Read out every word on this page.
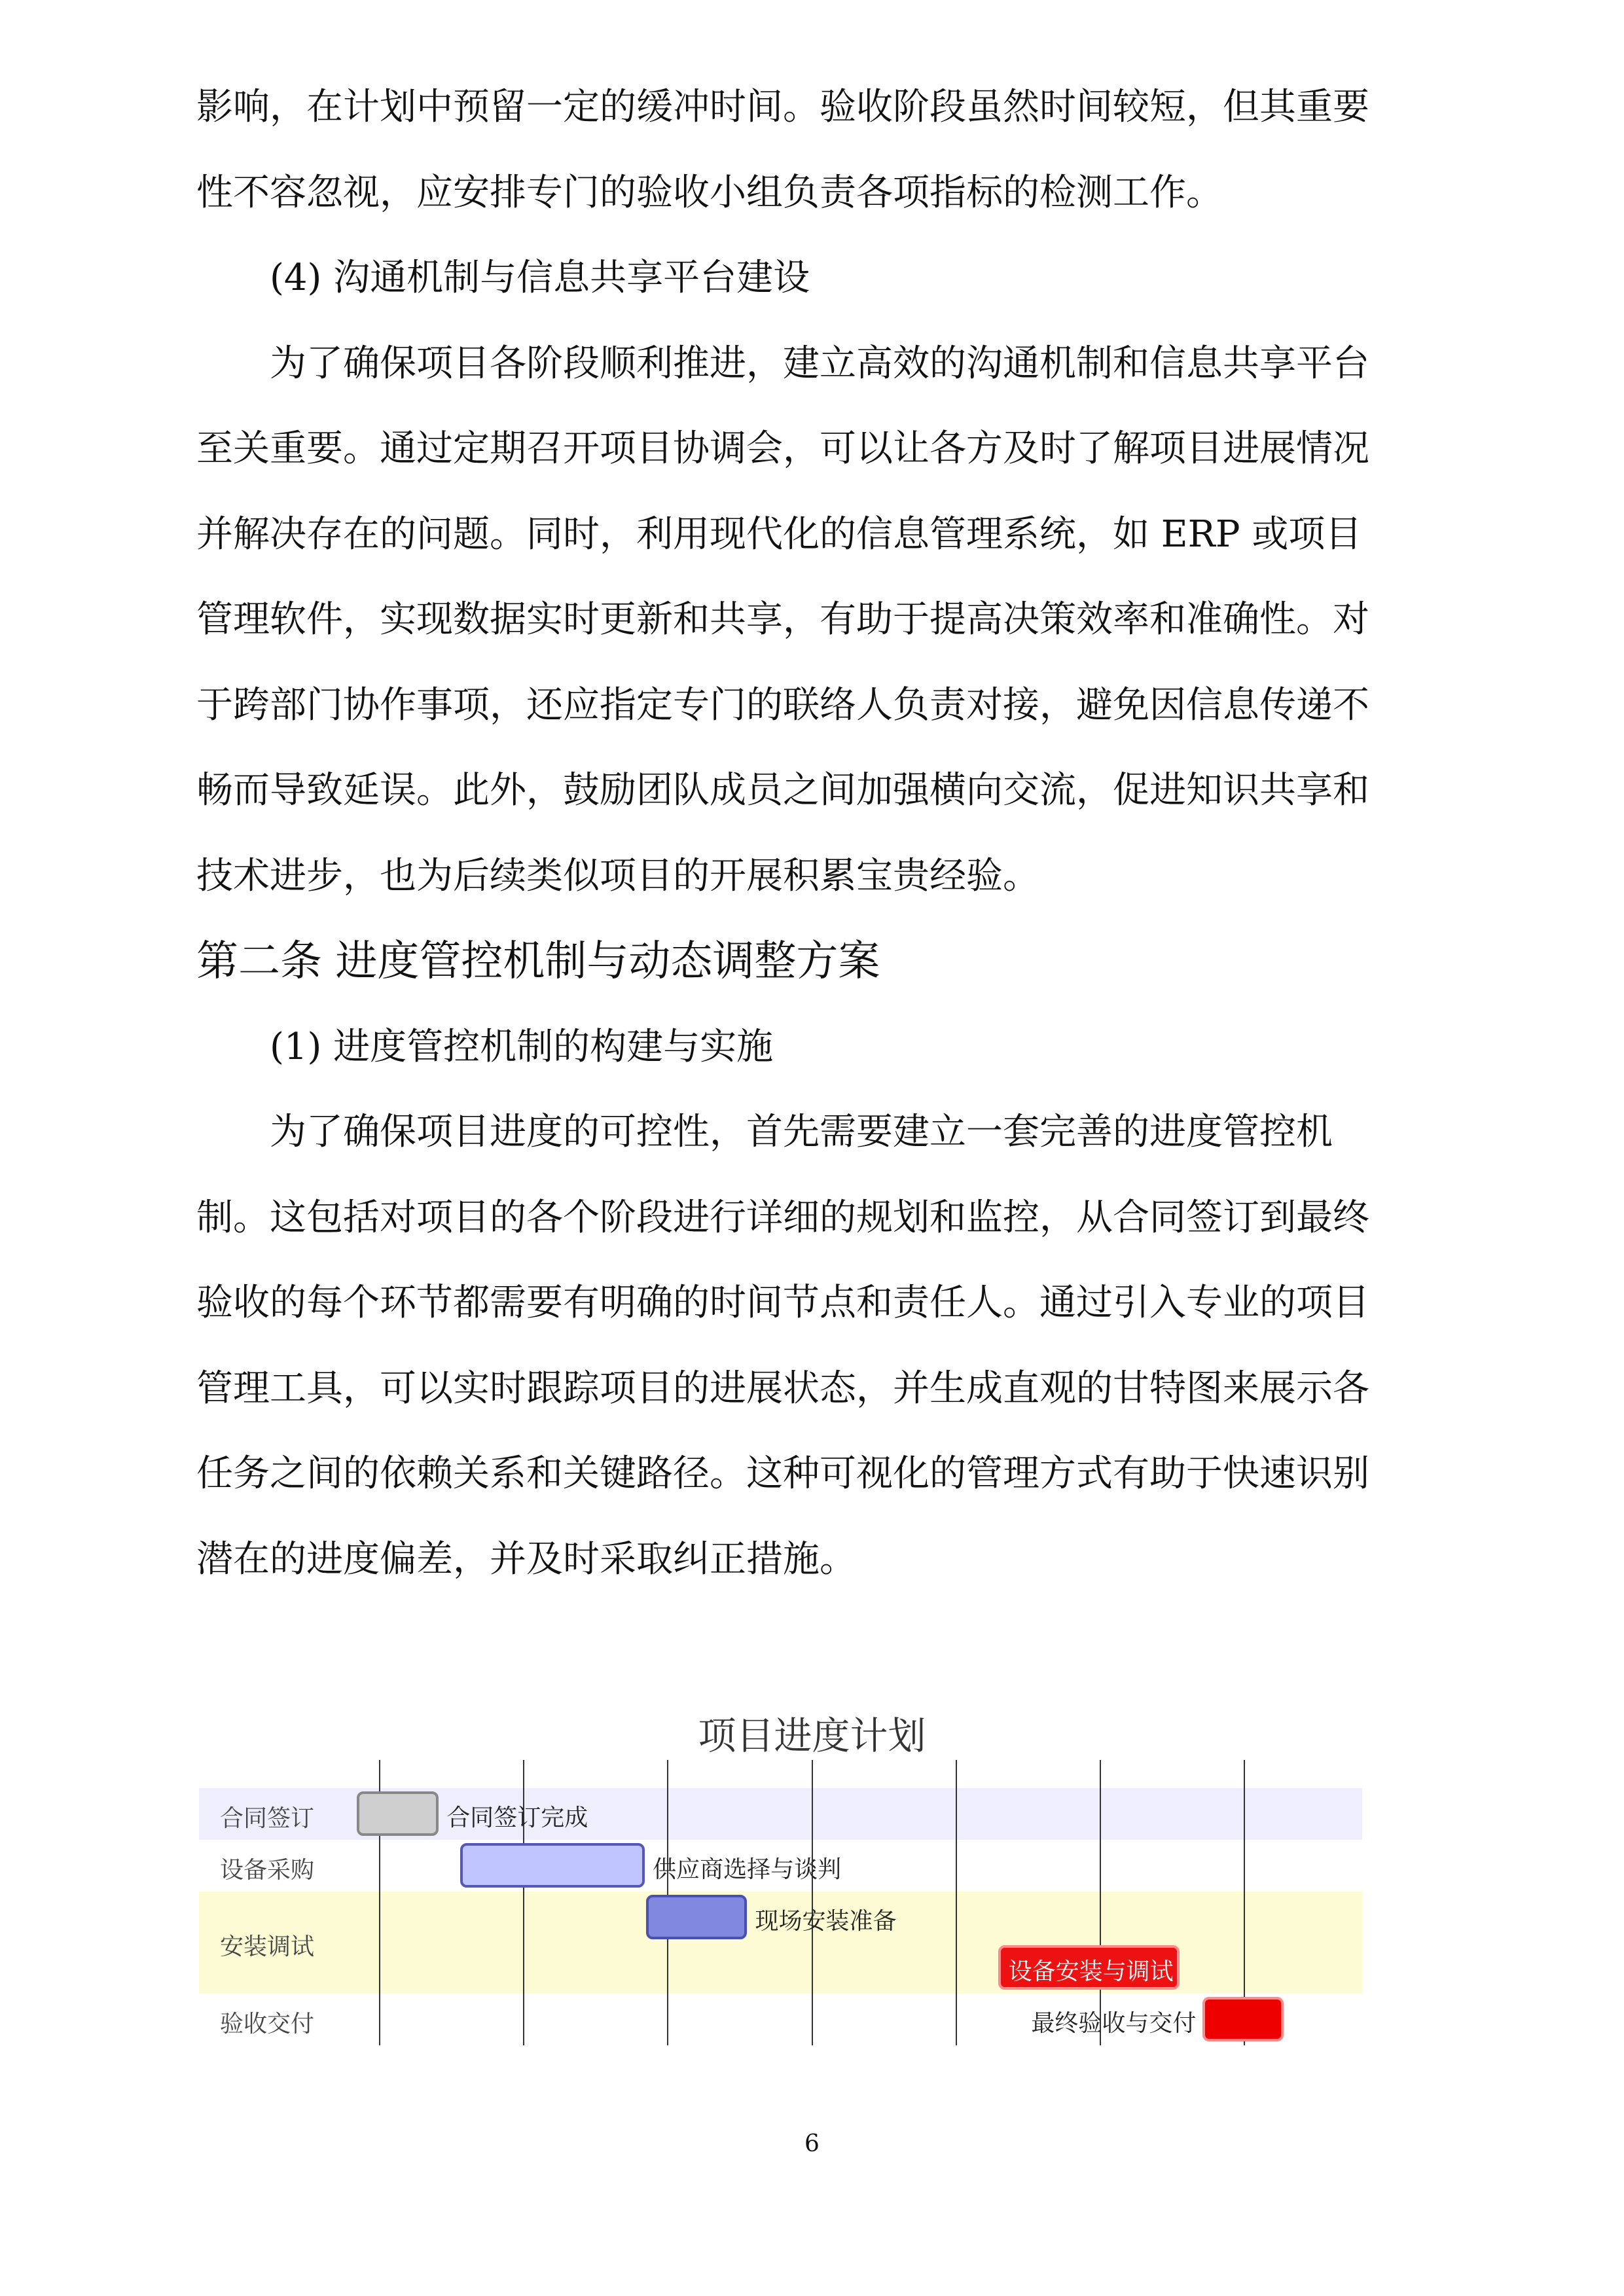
影响，在计划中预留一定的缓冲时间。验收阶段虽然时间较短，但其重要
性不容忽视，应安排专门的验收小组负责各项指标的检测工作。
(4) 沟通机制与信息共享平台建设
为了确保项目各阶段顺利推进，建立高效的沟通机制和信息共享平台
至关重要。通过定期召开项目协调会，可以让各方及时了解项目进展情况
并解决存在的问题。同时，利用现代化的信息管理系统，如 ERP 或项目
管理软件，实现数据实时更新和共享，有助于提高决策效率和准确性。对
于跨部门协作事项，还应指定专门的联络人负责对接，避免因信息传递不
畅而导致延误。此外，鼓励团队成员之间加强横向交流，促进知识共享和
技术进步，也为后续类似项目的开展积累宝贵经验。
第二条 进度管控机制与动态调整方案
(1) 进度管控机制的构建与实施
为了确保项目进度的可控性，首先需要建立一套完善的进度管控机
制。这包括对项目的各个阶段进行详细的规划和监控，从合同签订到最终
验收的每个环节都需要有明确的时间节点和责任人。通过引入专业的项目
管理工具，可以实时跟踪项目的进展状态，并生成直观的甘特图来展示各
任务之间的依赖关系和关键路径。这种可视化的管理方式有助于快速识别
潜在的进度偏差，并及时采取纠正措施。
项目进度计划
合同签订
设备采购
安装调试
验收交付
合同签订完成
供应商选择与谈判
现场安装准备
设备安装与调试
最终验收与交付
6
